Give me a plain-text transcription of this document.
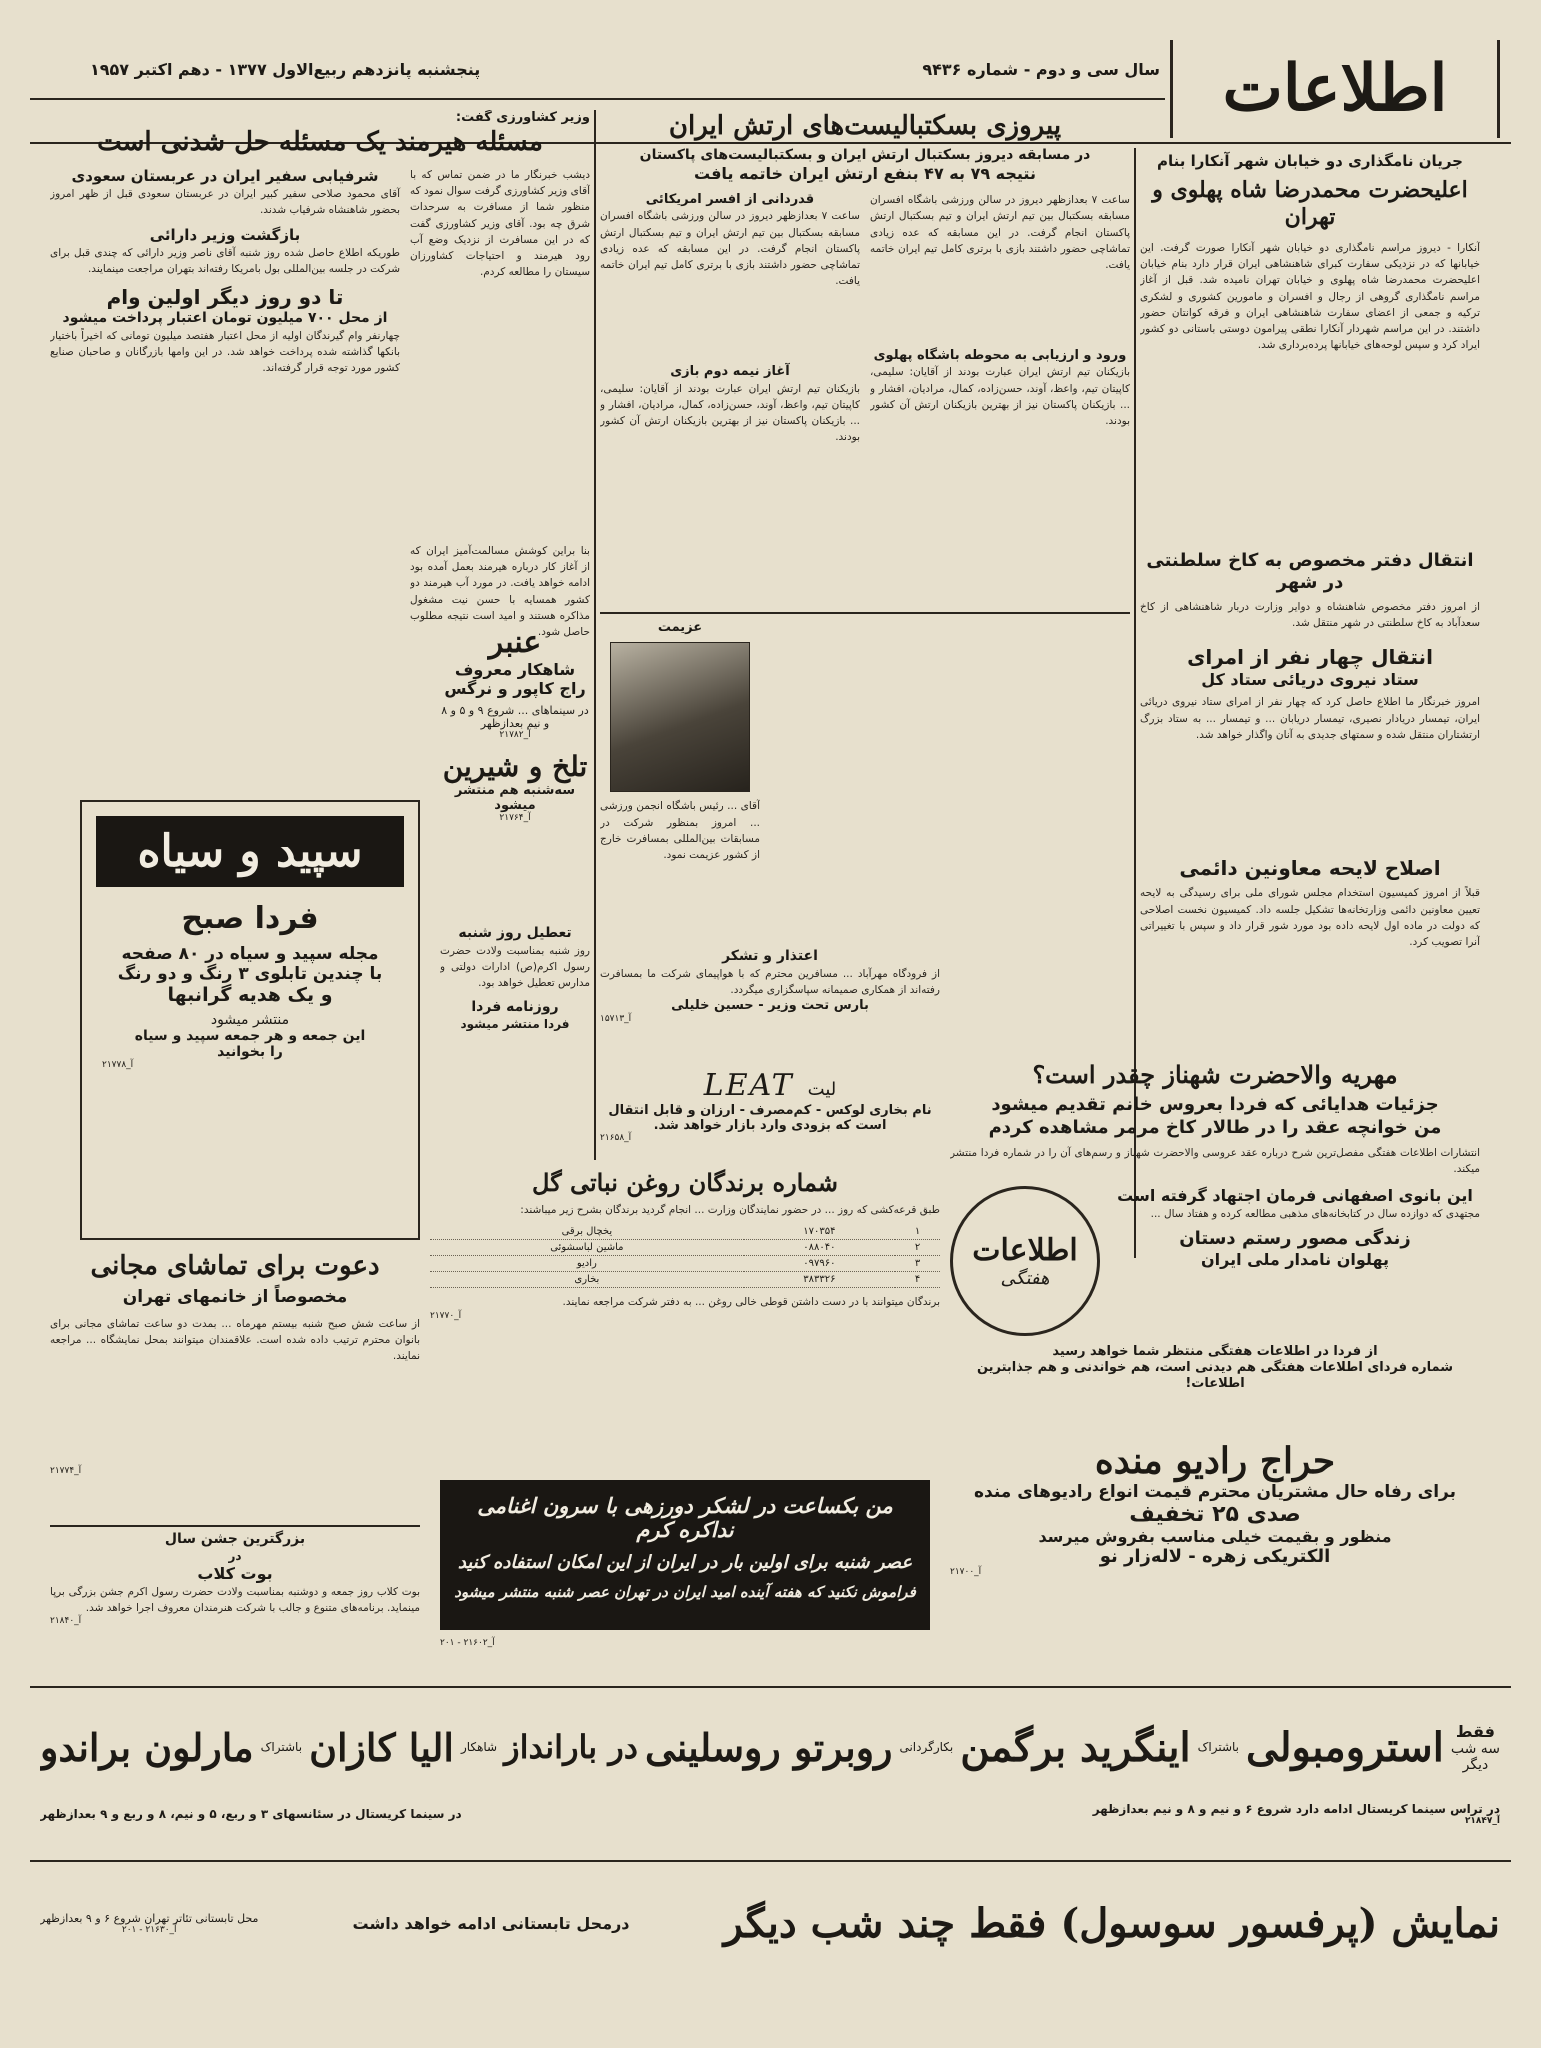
اطلاعات
سال سی و دوم - شماره ۹۴۳۶
پنجشنبه پانزدهم ربیع‌الاول ۱۳۷۷ - دهم اکتبر ۱۹۵۷
جریان نامگذاری دو خیابان شهر آنکارا بنام
اعلیحضرت محمدرضا شاه پهلوی و تهران
آنکارا - دیروز مراسم نامگذاری دو خیابان شهر آنکارا صورت گرفت. این خیابانها که در نزدیکی سفارت کبرای شاهنشاهی ایران قرار دارد بنام خیابان اعلیحضرت محمدرضا شاه پهلوی و خیابان تهران نامیده شد. قبل از آغاز مراسم نامگذاری گروهی از رجال و افسران و مامورین کشوری و لشکری ترکیه و جمعی از اعضای سفارت شاهنشاهی ایران و فرقه کوانتان حضور داشتند. در این مراسم شهردار آنکارا نطقی پیرامون دوستی باستانی دو کشور ایراد کرد و سپس لوحه‌های خیابانها پرده‌برداری شد.
انتقال دفتر مخصوص به کاخ سلطنتی در شهر
از امروز دفتر مخصوص شاهنشاه و دوایر وزارت دربار شاهنشاهی از کاخ سعدآباد به کاخ سلطنتی در شهر منتقل شد.
انتقال چهار نفر از امرای
ستاد نیروی دریائی ستاد کل
امروز خبرنگار ما اطلاع حاصل کرد که چهار نفر از امرای ستاد نیروی دریائی ایران، تیمسار دریادار نصیری، تیمسار دریابان ... و تیمسار ... به ستاد بزرگ ارتشتاران منتقل شده و سمتهای جدیدی به آنان واگذار خواهد شد.
اصلاح لایحه معاونین دائمی
قبلاً از امروز کمیسیون استخدام مجلس شورای ملی برای رسیدگی به لایحه تعیین معاونین دائمی وزارتخانه‌ها تشکیل جلسه داد. کمیسیون نخست اصلاحی که دولت در ماده اول لایحه داده بود مورد شور قرار داد و سپس با تغییراتی آنرا تصویب کرد.
پیروزی بسکتبالیست‌های ارتش ایران
در مسابقه دیروز بسکتبال ارتش ایران و بسکتبالیست‌های پاکستان
نتیجه ۷۹ به ۴۷ بنفع ارتش ایران خاتمه یافت
ساعت ۷ بعدازظهر دیروز در سالن ورزشی باشگاه افسران مسابقه بسکتبال بین تیم ارتش ایران و تیم بسکتبال ارتش پاکستان انجام گرفت. در این مسابقه که عده زیادی تماشاچی حضور داشتند بازی با برتری کامل تیم ایران خاتمه یافت.
ورود و ارزیابی به محوطه باشگاه پهلوی
بازیکنان تیم ارتش ایران عبارت بودند از آقایان: سلیمی، کاپیتان تیم، واعظ، آوند، حسن‌زاده، کمال، مرادیان، افشار و ... بازیکنان پاکستان نیز از بهترین بازیکنان ارتش آن کشور بودند.
قدردانی از افسر امریکائی
ساعت ۷ بعدازظهر دیروز در سالن ورزشی باشگاه افسران مسابقه بسکتبال بین تیم ارتش ایران و تیم بسکتبال ارتش پاکستان انجام گرفت. در این مسابقه که عده زیادی تماشاچی حضور داشتند بازی با برتری کامل تیم ایران خاتمه یافت.
آغاز نیمه دوم بازی
بازیکنان تیم ارتش ایران عبارت بودند از آقایان: سلیمی، کاپیتان تیم، واعظ، آوند، حسن‌زاده، کمال، مرادیان، افشار و ... بازیکنان پاکستان نیز از بهترین بازیکنان ارتش آن کشور بودند.
وزیر کشاورزی گفت:
مسئله هیرمند یک مسئله حل شدنی است
دیشب خبرنگار ما در ضمن تماس که با آقای وزیر کشاورزی گرفت سوال نمود که منظور شما از مسافرت به سرحدات شرق چه بود. آقای وزیر کشاورزی گفت که در این مسافرت از نزدیک وضع آب رود هیرمند و احتیاجات کشاورزان سیستان را مطالعه کردم.
بنا براین کوشش مسالمت‌آمیز ایران که از آغاز کار درباره هیرمند بعمل آمده بود ادامه خواهد یافت. در مورد آب هیرمند دو کشور همسایه با حسن نیت مشغول مذاکره هستند و امید است نتیجه مطلوب حاصل شود.
شرفیابی سفیر ایران در عربستان سعودی
آقای محمود صلاحی سفیر کبیر ایران در عربستان سعودی قبل از ظهر امروز بحضور شاهنشاه شرفیاب شدند.
بازگشت وزیر دارائی
طوریکه اطلاع حاصل شده روز شنبه آقای ناصر وزیر دارائی که چندی قبل برای شرکت در جلسه بین‌المللی بول بامریکا رفته‌اند بتهران مراجعت مینمایند.
تا دو روز دیگر اولین وام
از محل ۷۰۰ میلیون تومان اعتبار پرداخت میشود
چهارنفر وام گیرندگان اولیه از محل اعتبار هفتصد میلیون تومانی که اخیراً باختیار بانکها گذاشته شده پرداخت خواهد شد. در این وامها بازرگانان و صاحبان صنایع کشور مورد توجه قرار گرفته‌اند.
تعطیل روز شنبه
روز شنبه بمناسبت ولادت حضرت رسول اکرم(ص) ادارات دولتی و مدارس تعطیل خواهد بود.
روزنامه فردا
فردا منتشر میشود
عزیمت
آقای ... رئیس باشگاه انجمن ورزشی ... امروز بمنظور شرکت در مسابقات بین‌المللی بمسافرت خارج از کشور عزیمت نمود.
عنبر
شاهکار معروف راج کاپور و نرگس
در سینماهای ... شروع ۹ و ۵ و ۸ و نیم بعدازظهر
آ_۲۱۷۸۲
تلخ و شیرین
سه‌شنبه هم منتشر میشود
آ_۲۱۷۶۴
اعتذار و تشکر
از فرودگاه مهرآباد ... مسافرین محترم که با هواپیمای شرکت ما بمسافرت رفته‌اند از همکاری صمیمانه سپاسگزاری میگردد.
بارس تحت وزیر - حسین خلیلی
آ_۱۵۷۱۳
لیت
LEAT
نام بخاری لوکس - کم‌مصرف - ارزان و قابل انتقال است که بزودی وارد بازار خواهد شد.
آ_۲۱۶۵۸
شماره برندگان روغن نباتی گل
طبق قرعه‌کشی که روز ... در حضور نمایندگان وزارت ... انجام گردید برندگان بشرح زیر میباشند:
۱	۱۷۰۳۵۴	یخچال برقی
۲	۰۸۸۰۴۰	ماشین لباسشوئی
۳	۰۹۷۹۶۰	رادیو
۴	۳۸۳۳۲۶	بخاری
برندگان میتوانند با در دست داشتن قوطی خالی روغن ... به دفتر شرکت مراجعه نمایند.
آ_۲۱۷۷۰
من بکساعت در لشکر دورزهی با سرون اغنامی نداکره کرم
عصر شنبه برای اولین بار در ایران از این امکان استفاده کنید
فراموش نکنید که هفته آینده امید ایران در تهران عصر شنبه منتشر میشود
آ_۲۱۶۰۲ - ۲۰۱
سپید و سیاه
فردا صبح
مجله سپید و سیاه در ۸۰ صفحه
با چندین تابلوی ۳ رنگ و دو رنگ
و یک هدیه گرانبها
منتشر میشود
این جمعه و هر جمعه سپید و سیاه
را بخوانید
آ_۲۱۷۷۸
دعوت برای تماشای مجانی
مخصوصاً از خانمهای تهران
از ساعت شش صبح شنبه بیستم مهرماه ... بمدت دو ساعت تماشای مجانی برای بانوان محترم ترتیب داده شده است. علاقمندان میتوانند بمحل نمایشگاه ... مراجعه نمایند.
آ_۲۱۷۷۴
بزرگترین جشن سال
در
بوت کلاب
بوت کلاب روز جمعه و دوشنبه بمناسبت ولادت حضرت رسول اکرم جشن بزرگی برپا مینماید. برنامه‌های متنوع و جالب با شرکت هنرمندان معروف اجرا خواهد شد.
آ_۲۱۸۴۰
مهریه والاحضرت شهناز چقدر است؟
جزئیات هدایائی که فردا بعروس خانم تقدیم میشود
من خوانچه عقد را در طالار کاخ مرمر مشاهده کردم
انتشارات اطلاعات هفتگی مفصل‌ترین شرح درباره عقد عروسی والاحضرت شهناز و رسم‌های آن را در شماره فردا منتشر میکند.
این بانوی اصفهانی فرمان اجتهاد گرفته است
مجتهدی که دوازده سال در کتابخانه‌های مذهبی مطالعه کرده و هفتاد سال ...
زندگی مصور رستم دستان
پهلوان نامدار ملی ایران
اطلاعات
هفتگی
از فردا در اطلاعات هفتگی منتظر شما خواهد رسید
شماره فردای اطلاعات هفتگی هم دیدنی است، هم خواندنی و هم جذابترین اطلاعات!
حراج رادیو منده
برای رفاه حال مشتریان محترم قیمت انواع رادیوهای منده
صدی ۲۵ تخفیف
منظور و بقیمت خیلی مناسب بفروش میرسد
الکتریکی زهره - لاله‌زار نو
آ_۲۱۷۰۰
فقط
سه شب
دیگر
استرومبولی
باشتراک
اینگرید برگمن
بکارگردانی
روبرتو روسلینی
در بارانداز
شاهکار
الیا کازان
باشتراک
مارلون براندو
در تراس سینما کریستال ادامه دارد شروع ۶ و نیم و ۸ و نیم بعدازظهر
آ_۲۱۸۴۷
در سینما کریستال در سئانسهای ۳ و ربع، ۵ و نیم، ۸ و ربع و ۹ بعدازظهر
نمایش (پرفسور سوسول) فقط چند شب دیگر
درمحل تابستانی ادامه خواهد داشت
محل تابستانی تئاتر تهران شروع ۶ و ۹ بعدازظهر
آ_۲۱۶۳۰ - ۲۰۱
